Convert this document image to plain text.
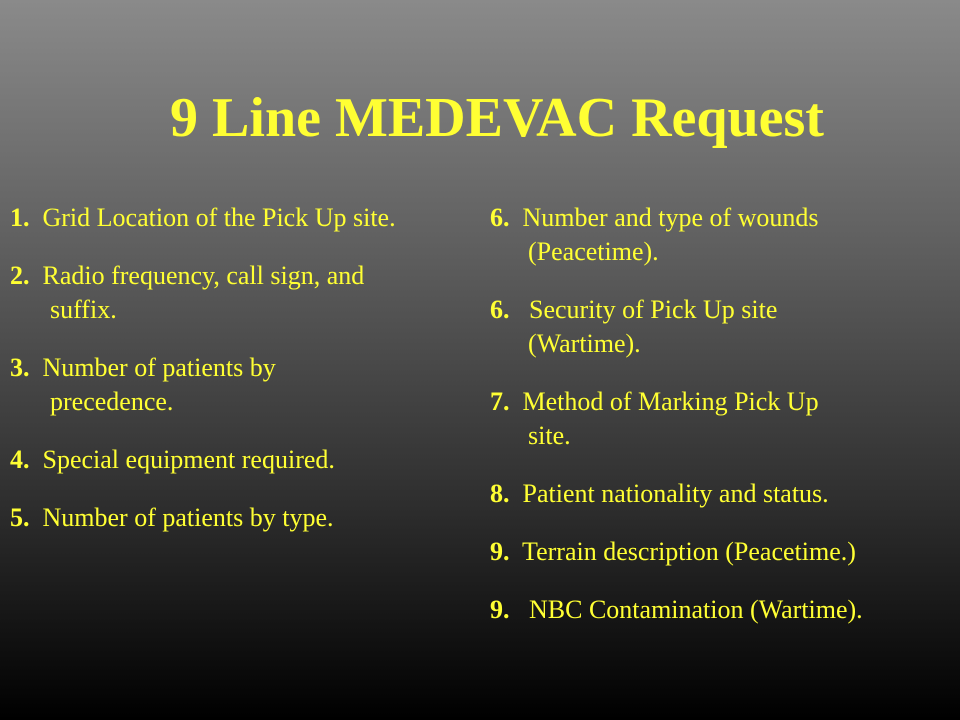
9 Line MEDEVAC Request
1. Grid Location of the Pick Up site.
2. Radio frequency, call sign, and
suffix.
3. Number of patients by
precedence.
4. Special equipment required.
5. Number of patients by type.
6. Number and type of wounds
(Peacetime).
6. Security of Pick Up site
(Wartime).
7. Method of Marking Pick Up
site.
8. Patient nationality and status.
9. Terrain description (Peacetime.)
9. NBC Contamination (Wartime).
